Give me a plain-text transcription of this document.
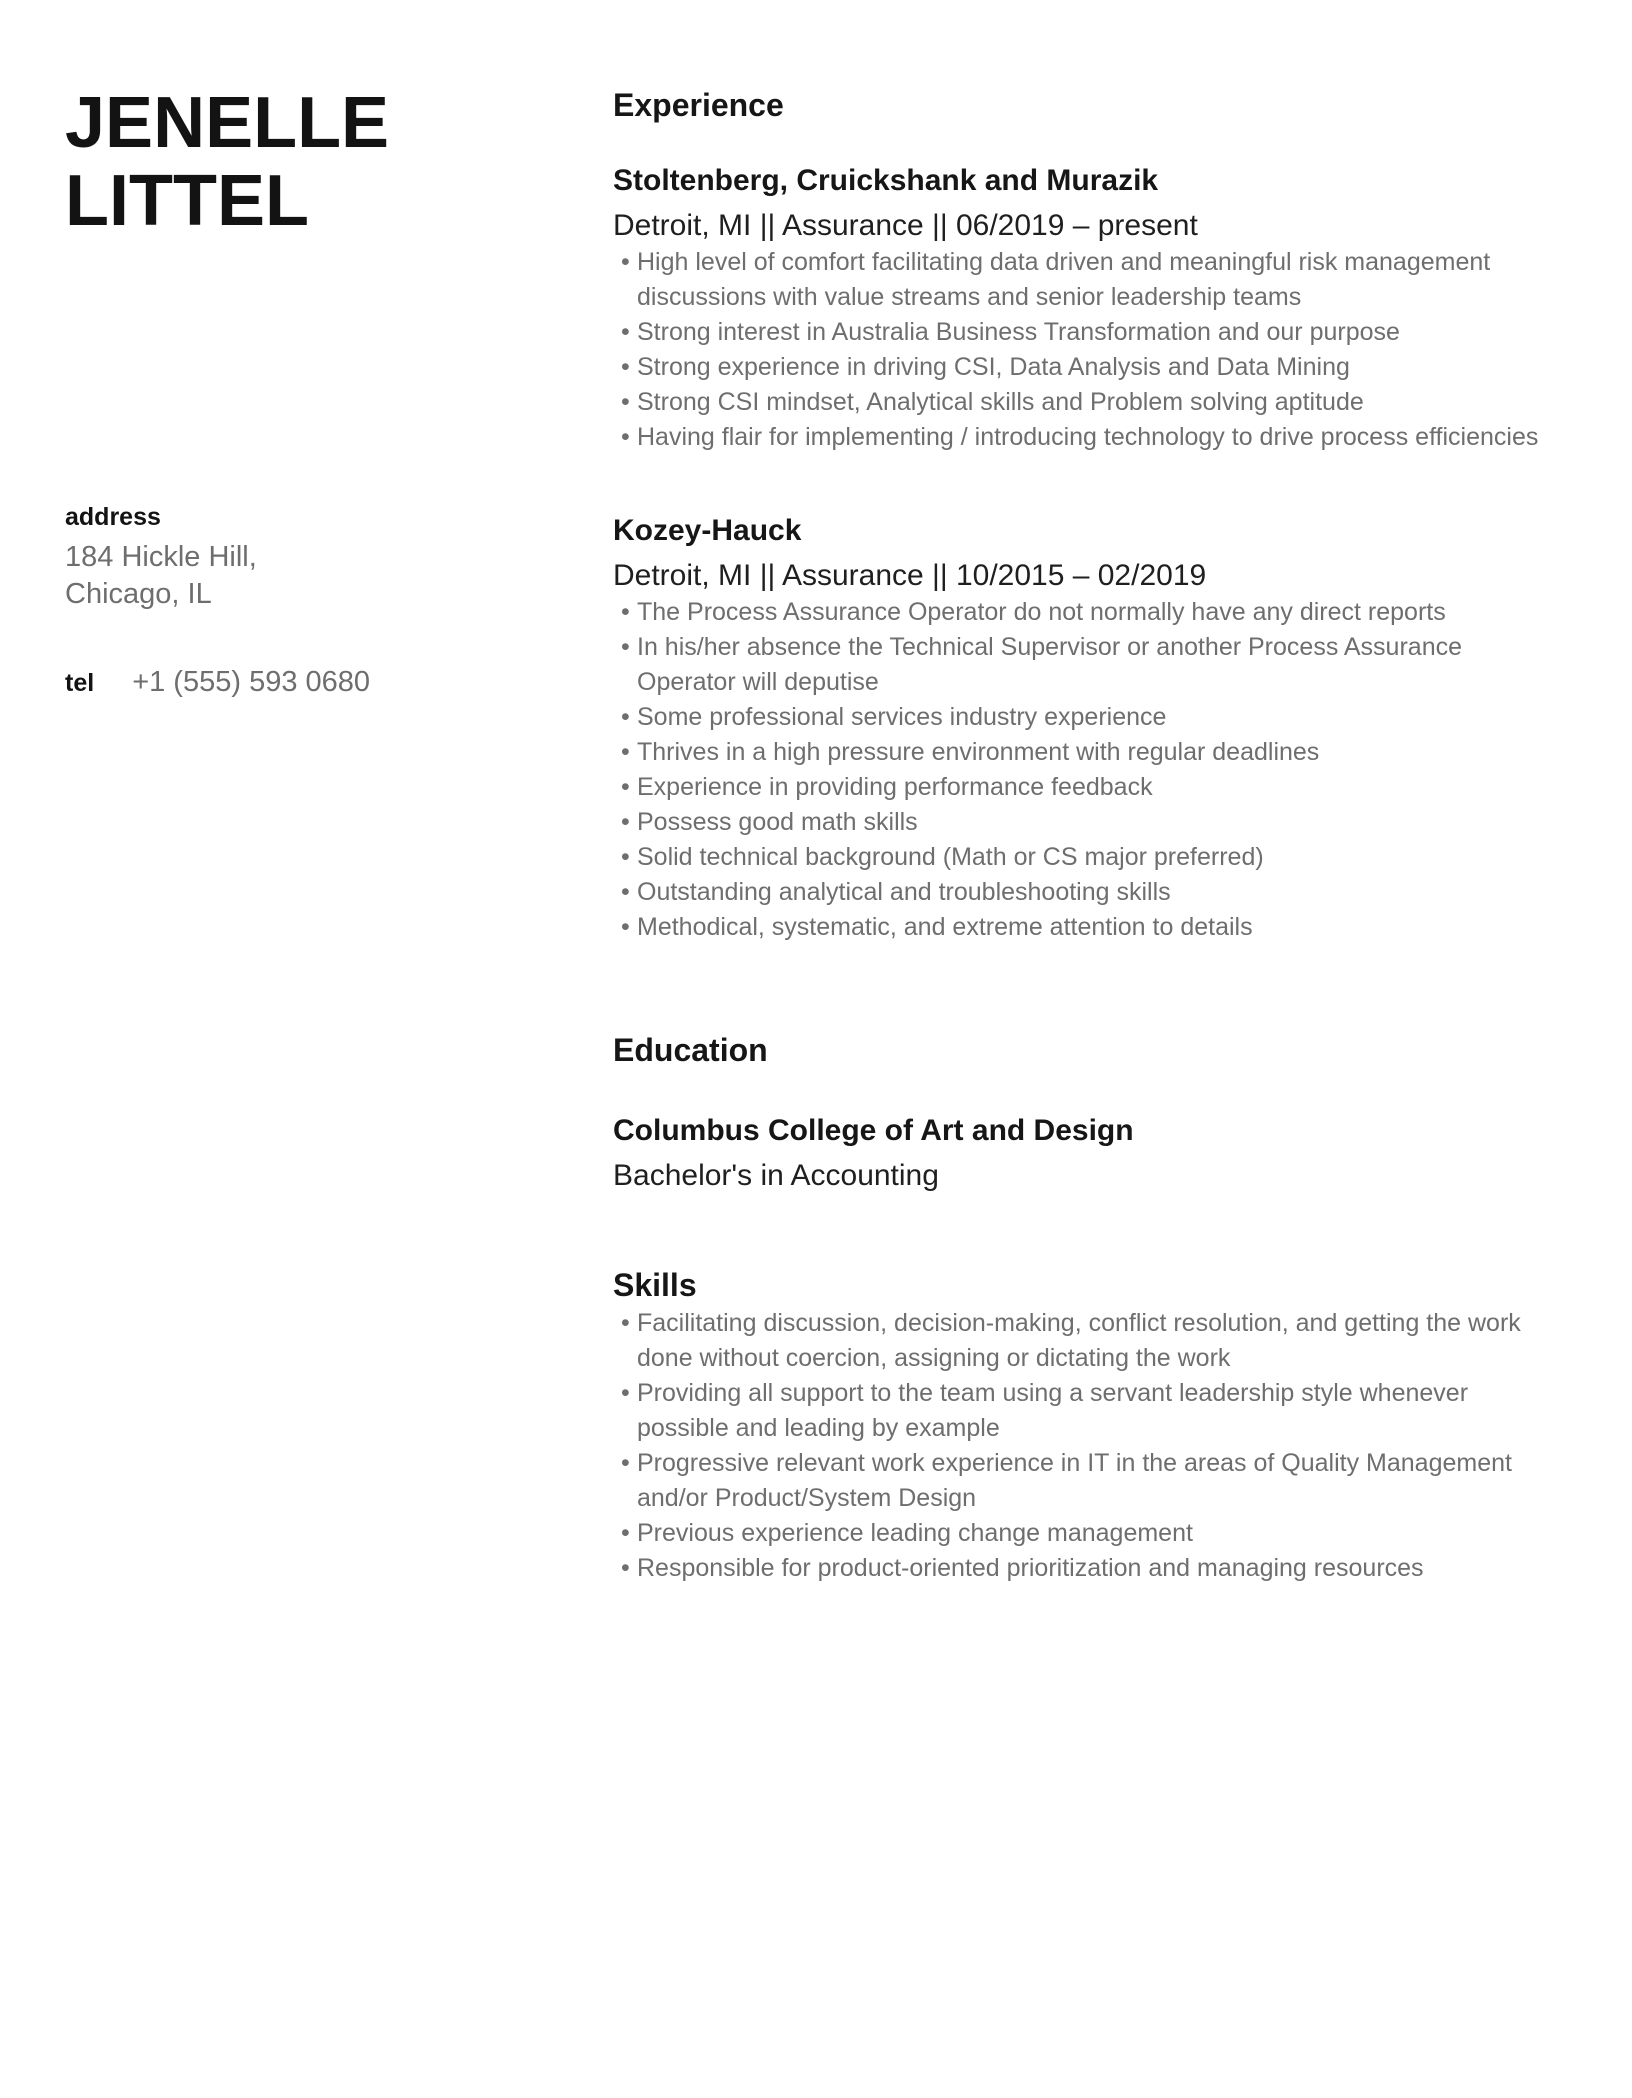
JENELLE
LITTEL
address
184 Hickle Hill,
Chicago, IL
tel +1 (555) 593 0680
Experience
Stoltenberg, Cruickshank and Murazik

Detroit, MI || Assurance || 06/2019 – present

• High level of comfort facilitating data driven and meaningful risk management discussions with value streams and senior leadership teams
• Strong interest in Australia Business Transformation and our purpose
• Strong experience in driving CSI, Data Analysis and Data Mining
• Strong CSI mindset, Analytical skills and Problem solving aptitude
• Having flair for implementing / introducing technology to drive process efficiencies
Kozey-Hauck

Detroit, MI || Assurance || 10/2015 – 02/2019

• The Process Assurance Operator do not normally have any direct reports
• In his/her absence the Technical Supervisor or another Process Assurance Operator will deputise
• Some professional services industry experience
• Thrives in a high pressure environment with regular deadlines
• Experience in providing performance feedback
• Possess good math skills
• Solid technical background (Math or CS major preferred)
• Outstanding analytical and troubleshooting skills
• Methodical, systematic, and extreme attention to details
Education
Columbus College of Art and Design

Bachelor's in Accounting

Skills
• Facilitating discussion, decision-making, conflict resolution, and getting the work done without coercion, assigning or dictating the work
• Providing all support to the team using a servant leadership style whenever possible and leading by example
• Progressive relevant work experience in IT in the areas of Quality Management and/or Product/System Design
• Previous experience leading change management
• Responsible for product-oriented prioritization and managing resources
